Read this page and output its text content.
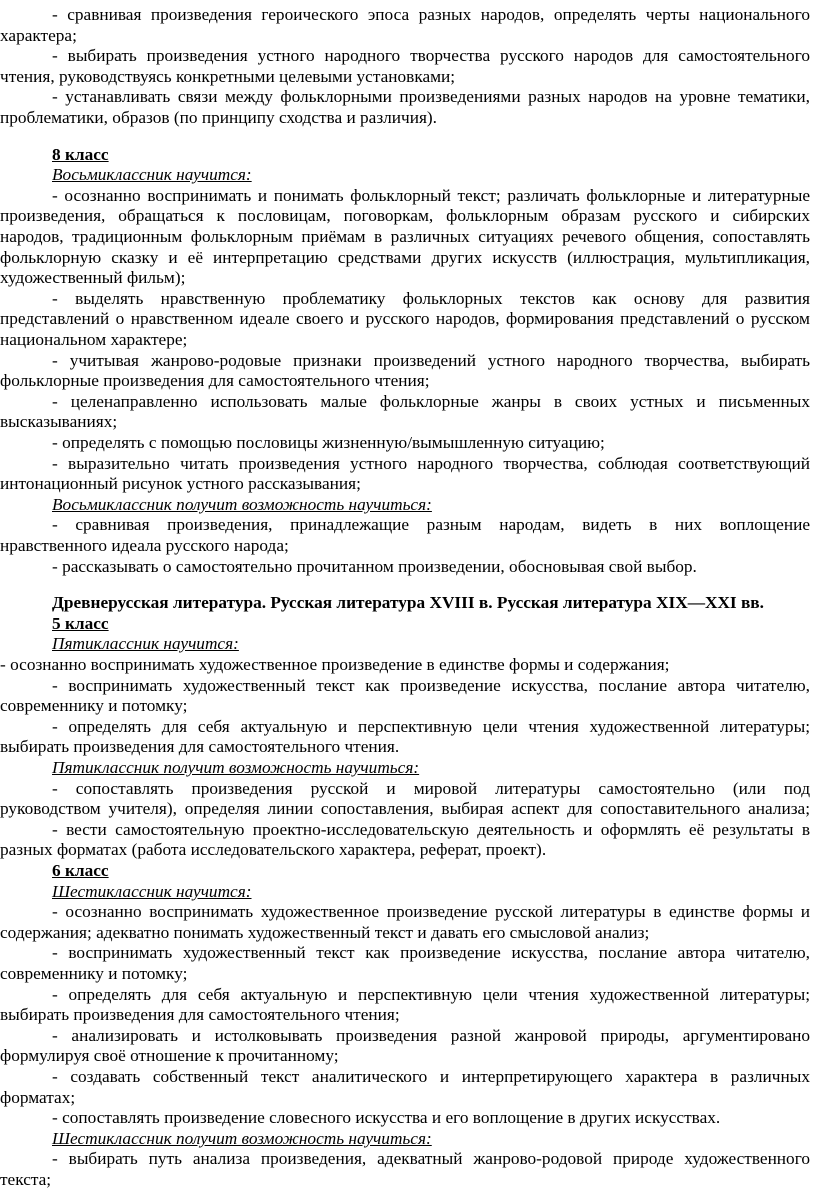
- сравнивая произведения героического эпоса разных народов, определять черты национального
характера;
- выбирать произведения устного народного творчества русского народов для самостоятельного
чтения, руководствуясь конкретными целевыми установками;
- устанавливать связи между фольклорными произведениями разных народов на уровне тематики,
проблематики, образов (по принципу сходства и различия).
8 класс
Восьмиклассник научится:
- осознанно воспринимать и понимать фольклорный текст; различать фольклорные и литературные
произведения, обращаться к пословицам, поговоркам, фольклорным образам русского и сибирских
народов, традиционным фольклорным приёмам в различных ситуациях речевого общения, сопоставлять
фольклорную сказку и её интерпретацию средствами других искусств (иллюстрация, мультипликация,
художественный фильм);
- выделять нравственную проблематику фольклорных текстов как основу для развития
представлений о нравственном идеале своего и русского народов, формирования представлений о русском
национальном характере;
- учитывая жанрово-родовые признаки произведений устного народного творчества, выбирать
фольклорные произведения для самостоятельного чтения;
- целенаправленно использовать малые фольклорные жанры в своих устных и письменных
высказываниях;
- определять с помощью пословицы жизненную/вымышленную ситуацию;
- выразительно читать произведения устного народного творчества, соблюдая соответствующий
интонационный рисунок устного рассказывания;
Восьмиклассник получит возможность научиться:
- сравнивая произведения, принадлежащие разным народам, видеть в них воплощение
нравственного идеала русского народа;
- рассказывать о самостоятельно прочитанном произведении, обосновывая свой выбор.
Древнерусская литература. Русская литература XVIII в. Русская литература XIX—XXI вв.
5 класс
Пятиклассник научится:
- осознанно воспринимать художественное произведение в единстве формы и содержания;
- воспринимать художественный текст как произведение искусства, послание автора читателю,
современнику и потомку;
- определять для себя актуальную и перспективную цели чтения художественной литературы;
выбирать произведения для самостоятельного чтения.
Пятиклассник получит возможность научиться:
- сопоставлять произведения русской и мировой литературы самостоятельно (или под
руководством учителя), определяя линии сопоставления, выбирая аспект для сопоставительного анализа;
- вести самостоятельную проектно-исследовательскую деятельность и оформлять её результаты в
разных форматах (работа исследовательского характера, реферат, проект).
6 класс
Шестиклассник научится:
- осознанно воспринимать художественное произведение русской литературы в единстве формы и
содержания; адекватно понимать художественный текст и давать его смысловой анализ;
- воспринимать художественный текст как произведение искусства, послание автора читателю,
современнику и потомку;
- определять для себя актуальную и перспективную цели чтения художественной литературы;
выбирать произведения для самостоятельного чтения;
- анализировать и истолковывать произведения разной жанровой природы, аргументировано
формулируя своё отношение к прочитанному;
- создавать собственный текст аналитического и интерпретирующего характера в различных
форматах;
- сопоставлять произведение словесного искусства и его воплощение в других искусствах.
Шестиклассник получит возможность научиться:
- выбирать путь анализа произведения, адекватный жанрово-родовой природе художественного
текста;
